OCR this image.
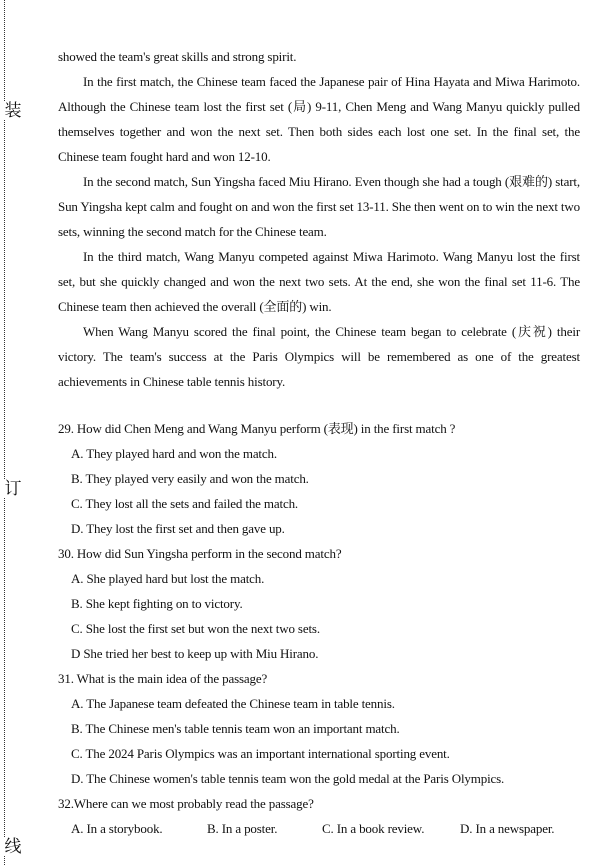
装
订
线

showed the team's great skills and strong spirit.

In the first match, the Chinese team faced the Japanese pair of Hina Hayata and Miwa Harimoto. Although the Chinese team lost the first set (局) 9-11, Chen Meng and Wang Manyu quickly pulled themselves together and won the next set. Then both sides each lost one set. In the final set, the Chinese team fought hard and won 12-10.

In the second match, Sun Yingsha faced Miu Hirano. Even though she had a tough (艰难的) start, Sun Yingsha kept calm and fought on and won the first set 13-11. She then went on to win the next two sets, winning the second match for the Chinese team.

In the third match, Wang Manyu competed against Miwa Harimoto. Wang Manyu lost the first set, but she quickly changed and won the next two sets. At the end, she won the final set 11-6. The Chinese team then achieved the overall (全面的) win.

When Wang Manyu scored the final point, the Chinese team began to celebrate (庆祝) their victory. The team's success at the Paris Olympics will be remembered as one of the greatest achievements in Chinese table tennis history.

29. How did Chen Meng and Wang Manyu perform (表现) in the first match ?

A. They played hard and won the match.

B. They played very easily and won the match.

C. They lost all the sets and failed the match.

D. They lost the first set and then gave up.

30. How did Sun Yingsha perform in the second match?

A. She played hard but lost the match.

B. She kept fighting on to victory.

C. She lost the first set but won the next two sets.

D She tried her best to keep up with Miu Hirano.

31. What is the main idea of the passage?

A. The Japanese team defeated the Chinese team in table tennis.

B. The Chinese men's table tennis team won an important match.

C. The 2024 Paris Olympics was an important international sporting event.

D. The Chinese women's table tennis team won the gold medal at the Paris Olympics.

32.Where can we most probably read the passage?

A. In a storybook.	B. In a poster.	C. In a book review.	D. In a newspaper.
